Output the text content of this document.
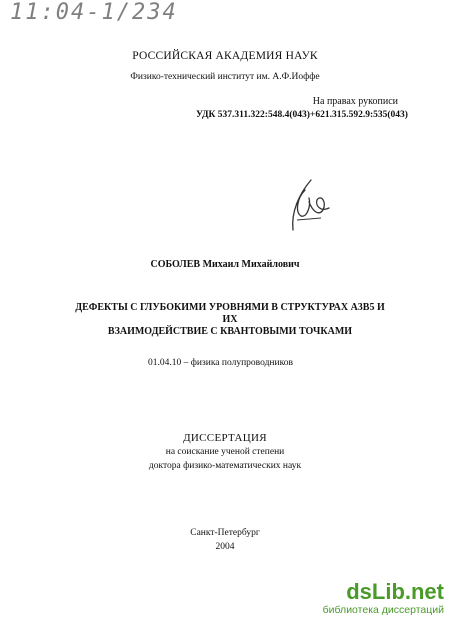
11:04-1/234

РОССИЙСКАЯ АКАДЕМИЯ НАУК

Физико-технический институт им. А.Ф.Иоффе

На правах рукописи

УДК 537.311.322:548.4(043)+621.315.592.9:535(043)

СОБОЛЕВ Михаил Михайлович

ДЕФЕКТЫ С ГЛУБОКИМИ УРОВНЯМИ В СТРУКТУРАХ А3В5 И ИХ
ВЗАИМОДЕЙСТВИЕ С КВАНТОВЫМИ ТОЧКАМИ

01.04.10 – физика полупроводников

ДИССЕРТАЦИЯ

на соискание ученой степени

доктора физико-математических наук

Санкт-Петербург

2004

dsLib.net
библиотека диссертаций
